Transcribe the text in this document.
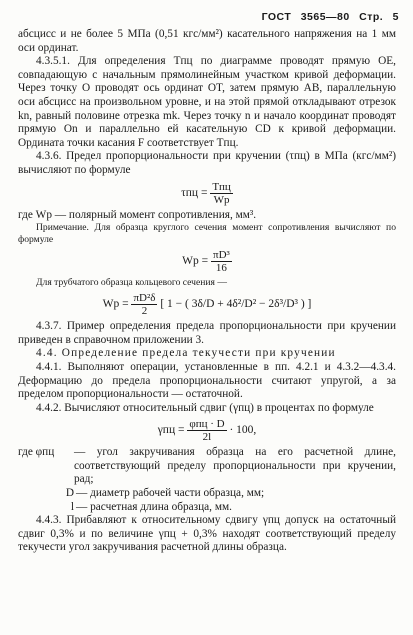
ГОСТ 3565—80 Стр. 5

абсцисс и не более 5 МПа (0,51 кгс/мм²) касательного напряжения на 1 мм оси ординат.

4.3.5.1. Для определения Tпц по диаграмме проводят прямую OE, совпадающую с начальным прямолинейным участком кривой деформации. Через точку O проводят ось ординат OT, затем прямую AB, параллельную оси абсцисс на произвольном уровне, и на этой прямой откладывают отрезок kn, равный половине отрезка mk. Через точку n и начало координат проводят прямую On и параллельно ей касательную CD к кривой деформации. Ордината точки касания F соответствует Tпц.

4.3.6. Предел пропорциональности при кручении (τпц) в МПа (кгс/мм²) вычисляют по формуле

$\tau пц = \frac{\text{Tпц}}{Wp}$

где Wp — полярный момент сопротивления, мм³.

Примечание. Для образца круглого сечения момент сопротивления вычисляют по формуле

$Wp = \frac{\text{πD³}}{16}$

Для трубчатого образца кольцевого сечения —

$Wp = \frac{\text{πD²δ}}{2}$ [ 1 − ( 3δ/D + 4δ²/D² − 2δ³/D³ ) ]

4.3.7. Пример определения предела пропорциональности при кручении приведен в справочном приложении 3.

4.4. Определение предела текучести при кручении

4.4.1. Выполняют операции, установленные в пп. 4.2.1 и 4.3.2—4.3.4. Деформацию до предела пропорциональности считают упругой, а за пределом пропорциональности — остаточной.

4.4.2. Вычисляют относительный сдвиг (γпц) в процентах по формуле

$\gamma пц = \frac{\text{φпц · D}}{2l} \cdot 100$,
где φпц	— угол закручивания образца на его расчетной длине, соответствующий пределу пропорциональности при кручении, рад;
D — диаметр рабочей части образца, мм;
l — расчетная длина образца, мм.

4.4.3. Прибавляют к относительному сдвигу γпц допуск на остаточный сдвиг 0,3% и по величине γпц + 0,3% находят соответствующий пределу текучести угол закручивания расчетной длины образца.
